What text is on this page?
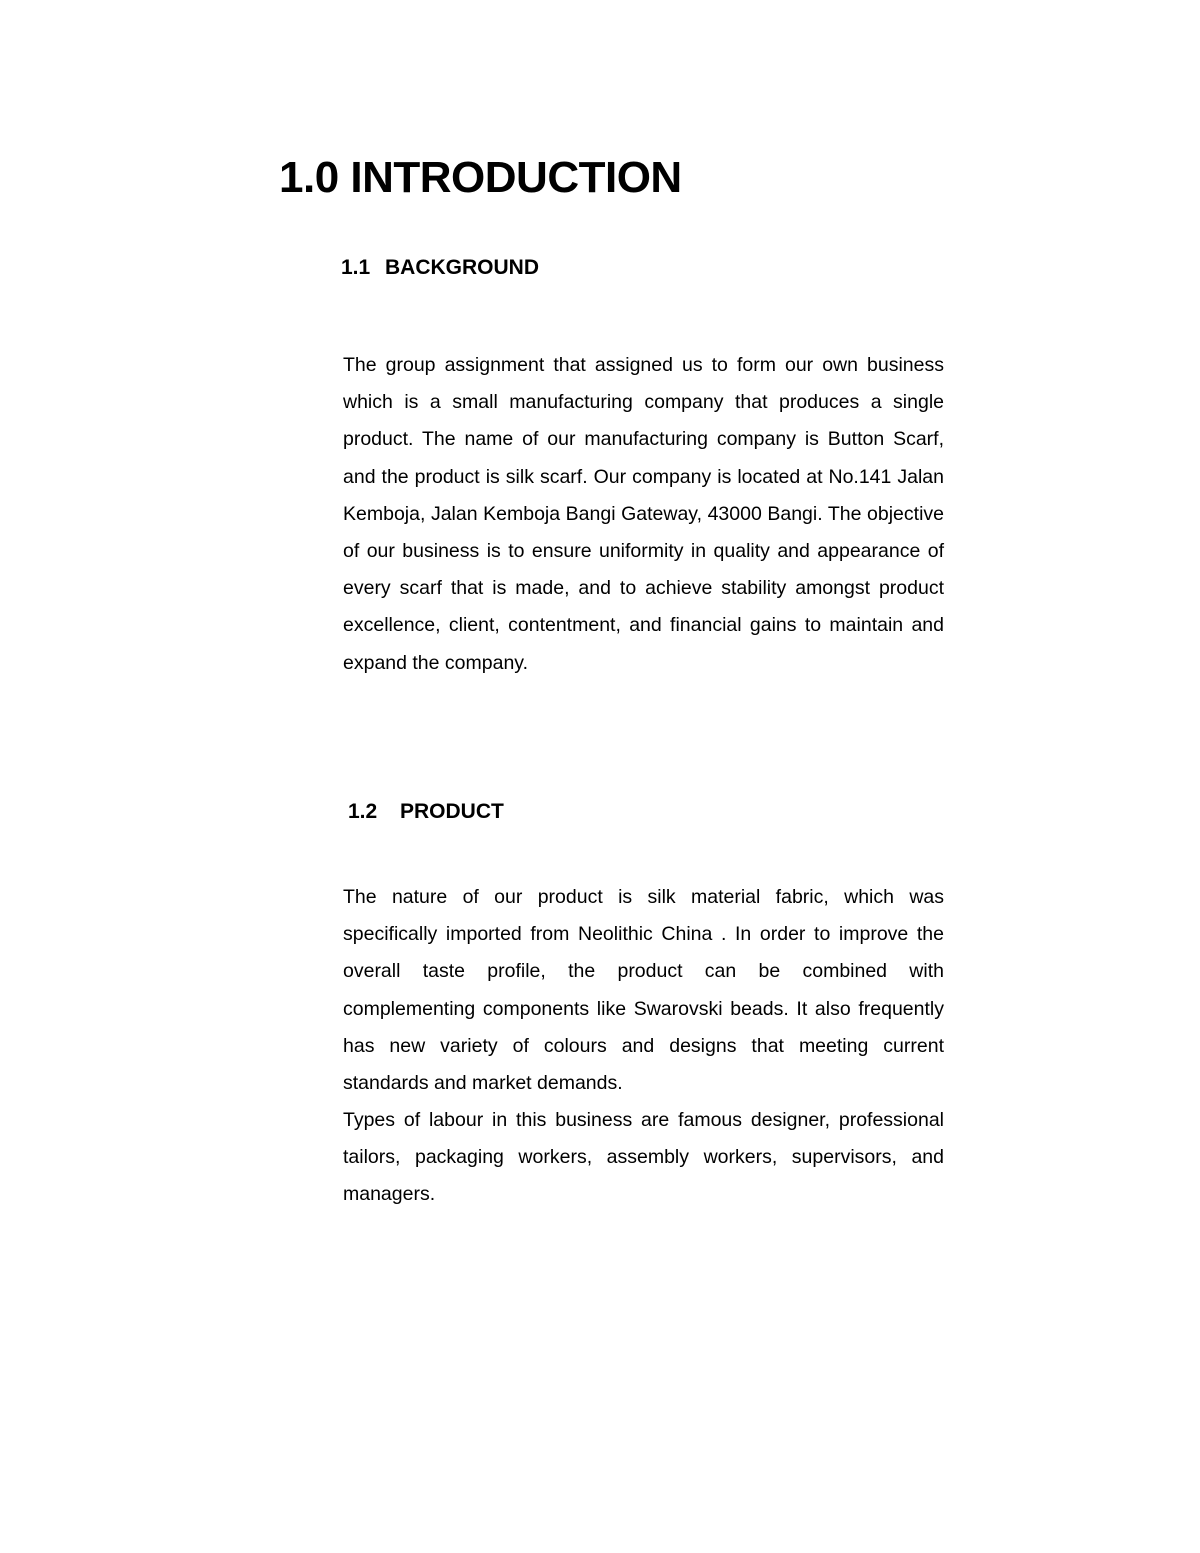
1.0 INTRODUCTION
1.1 BACKGROUND

The group assignment that assigned us to form our own business which is a small manufacturing company that produces a single product. The name of our manufacturing company is Button Scarf, and the product is silk scarf. Our company is located at No.141 Jalan Kemboja, Jalan Kemboja Bangi Gateway, 43000 Bangi. The objective of our business is to ensure uniformity in quality and appearance of every scarf that is made, and to achieve stability amongst product excellence, client, contentment, and financial gains to maintain and expand the company.

1.2 PRODUCT

The nature of our product is silk material fabric, which was specifically imported from Neolithic China . In order to improve the overall taste profile, the product can be combined with complementing components like Swarovski beads. It also frequently has new variety of colours and designs that meeting current standards and market demands.

Types of labour in this business are famous designer, professional tailors, packaging workers, assembly workers, supervisors, and managers.
